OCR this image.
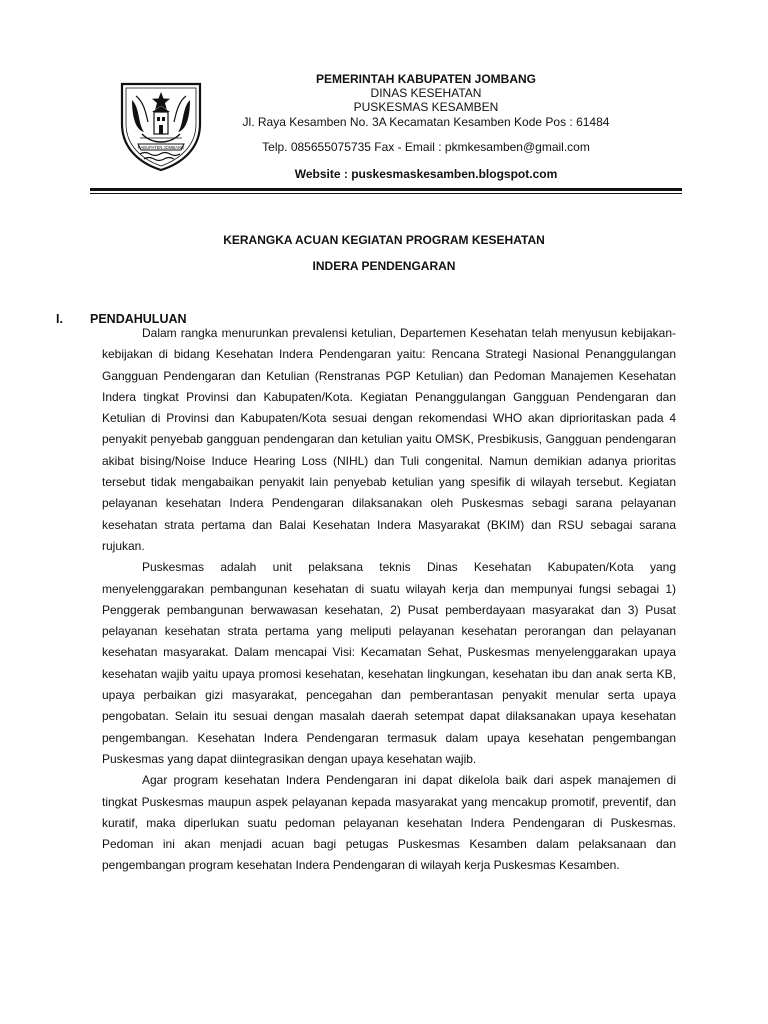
KABUPATEN JOMBANG
PEMERINTAH KABUPATEN JOMBANG
DINAS KESEHATAN
PUSKESMAS KESAMBEN
Jl. Raya Kesamben No. 3A Kecamatan Kesamben Kode Pos : 61484
Telp. 085655075735 Fax - Email : pkmkesamben@gmail.com
Website : puskesmaskesamben.blogspot.com
KERANGKA ACUAN KEGIATAN PROGRAM KESEHATAN
INDERA PENDENGARAN
I. PENDAHULUAN

Dalam rangka menurunkan prevalensi ketulian, Departemen Kesehatan telah menyusun kebijakan-kebijakan di bidang Kesehatan Indera Pendengaran yaitu: Rencana Strategi Nasional Penanggulangan Gangguan Pendengaran dan Ketulian (Renstranas PGP Ketulian) dan Pedoman Manajemen Kesehatan Indera tingkat Provinsi dan Kabupaten/Kota. Kegiatan Penanggulangan Gangguan Pendengaran dan Ketulian di Provinsi dan Kabupaten/Kota sesuai dengan rekomendasi WHO akan diprioritaskan pada 4 penyakit penyebab gangguan pendengaran dan ketulian yaitu OMSK, Presbikusis, Gangguan pendengaran akibat bising/Noise Induce Hearing Loss (NIHL) dan Tuli congenital. Namun demikian adanya prioritas tersebut tidak mengabaikan penyakit lain penyebab ketulian yang spesifik di wilayah tersebut. Kegiatan pelayanan kesehatan Indera Pendengaran dilaksanakan oleh Puskesmas sebagi sarana pelayanan kesehatan strata pertama dan Balai Kesehatan Indera Masyarakat (BKIM) dan RSU sebagai sarana rujukan.

Puskesmas adalah unit pelaksana teknis Dinas Kesehatan Kabupaten/Kota yang menyelenggarakan pembangunan kesehatan di suatu wilayah kerja dan mempunyai fungsi sebagai 1) Penggerak pembangunan berwawasan kesehatan, 2) Pusat pemberdayaan masyarakat dan 3) Pusat pelayanan kesehatan strata pertama yang meliputi pelayanan kesehatan perorangan dan pelayanan kesehatan masyarakat. Dalam mencapai Visi: Kecamatan Sehat, Puskesmas menyelenggarakan upaya kesehatan wajib yaitu upaya promosi kesehatan, kesehatan lingkungan, kesehatan ibu dan anak serta KB, upaya perbaikan gizi masyarakat, pencegahan dan pemberantasan penyakit menular serta upaya pengobatan. Selain itu sesuai dengan masalah daerah setempat dapat dilaksanakan upaya kesehatan pengembangan. Kesehatan Indera Pendengaran termasuk dalam upaya kesehatan pengembangan Puskesmas yang dapat diintegrasikan dengan upaya kesehatan wajib.

Agar program kesehatan Indera Pendengaran ini dapat dikelola baik dari aspek manajemen di tingkat Puskesmas maupun aspek pelayanan kepada masyarakat yang mencakup promotif, preventif, dan kuratif, maka diperlukan suatu pedoman pelayanan kesehatan Indera Pendengaran di Puskesmas. Pedoman ini akan menjadi acuan bagi petugas Puskesmas Kesamben dalam pelaksanaan dan pengembangan program kesehatan Indera Pendengaran di wilayah kerja Puskesmas Kesamben.
